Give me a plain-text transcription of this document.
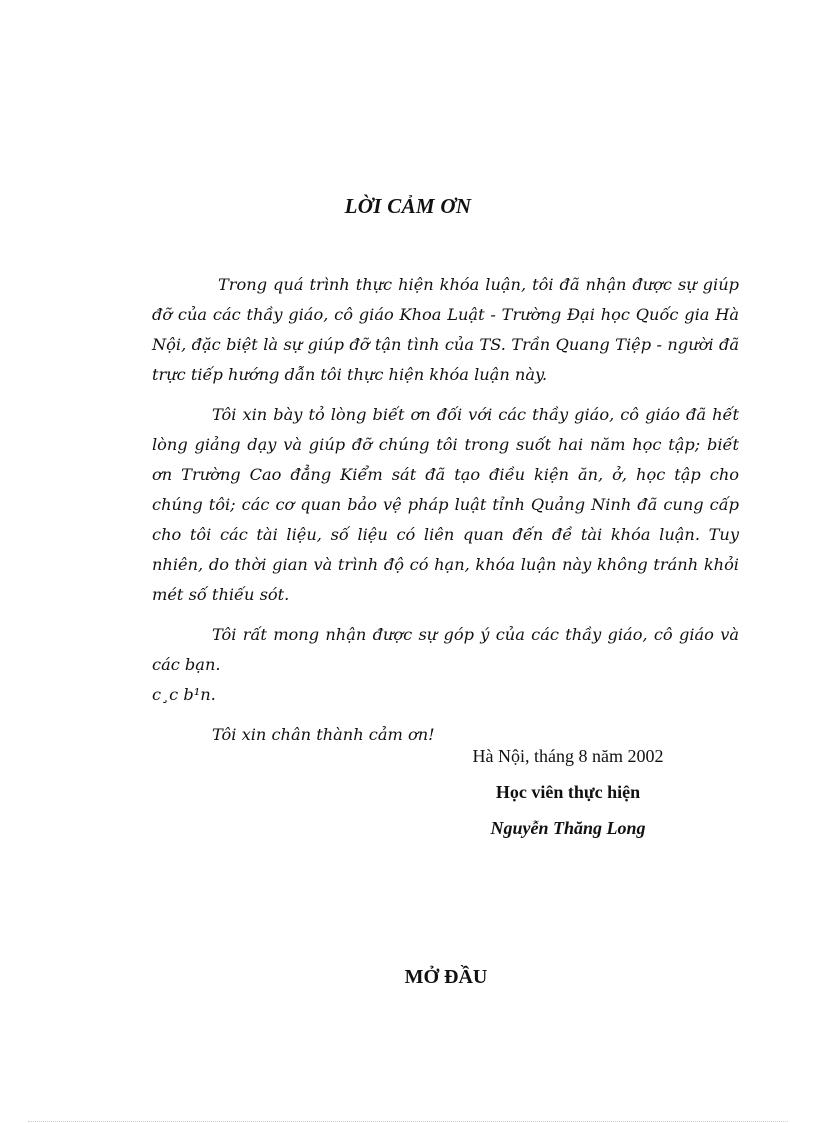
LỜI CẢM ƠN

Trong quá trình thực hiện khóa luận, tôi đã nhận được sự giúp đỡ của các thầy giáo, cô giáo Khoa Luật - Trường Đại học Quốc gia Hà Nội, đặc biệt là sự giúp đỡ tận tình của TS. Trần Quang Tiệp - người đã trực tiếp hướng dẫn tôi thực hiện khóa luận này.

Tôi xin bày tỏ lòng biết ơn đối với các thầy giáo, cô giáo đã hết lòng giảng dạy và giúp đỡ chúng tôi trong suốt hai năm học tập; biết ơn Trường Cao đẳng Kiểm sát đã tạo điều kiện ăn, ở, học tập cho chúng tôi; các cơ quan bảo vệ pháp luật tỉnh Quảng Ninh đã cung cấp cho tôi các tài liệu, số liệu có liên quan đến đề tài khóa luận. Tuy nhiên, do thời gian và trình độ có hạn, khóa luận này không tránh khỏi mét số thiếu sót.

Tôi rất mong nhận được sự góp ý của các thầy giáo, cô giáo và các bạn.

c¸c b¹n.

Tôi xin chân thành cảm ơn!

Hà Nội, tháng 8 năm 2002
Học viên thực hiện
Nguyễn Thăng Long
MỞ ĐẦU
